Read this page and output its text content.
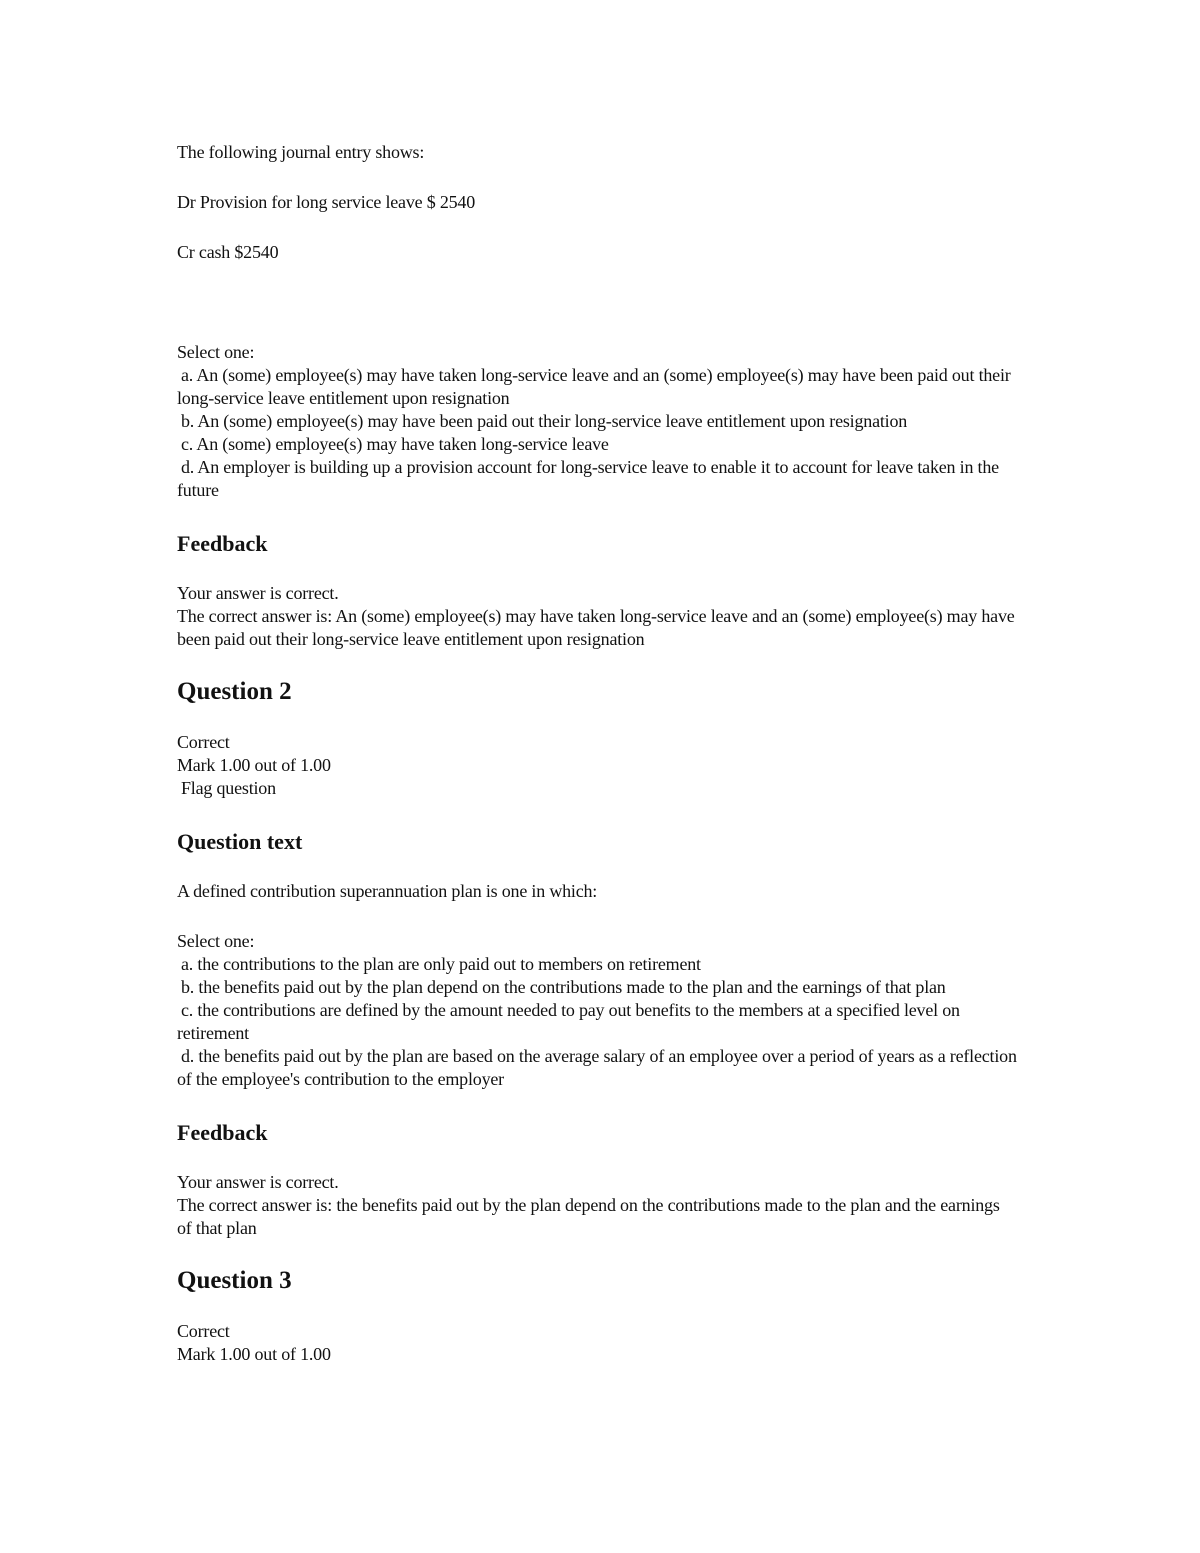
The following journal entry shows:

Dr Provision for long service leave $ 2540

Cr cash $2540

Select one:

a. An (some) employee(s) may have taken long-service leave and an (some) employee(s) may have been paid out their long-service leave entitlement upon resignation

b. An (some) employee(s) may have been paid out their long-service leave entitlement upon resignation

c. An (some) employee(s) may have taken long-service leave

d. An employer is building up a provision account for long-service leave to enable it to account for leave taken in the future

Feedback

Your answer is correct.

The correct answer is: An (some) employee(s) may have taken long-service leave and an (some) employee(s) may have been paid out their long-service leave entitlement upon resignation

Question 2

Correct

Mark 1.00 out of 1.00

Flag question

Question text

A defined contribution superannuation plan is one in which:

Select one:

a. the contributions to the plan are only paid out to members on retirement

b. the benefits paid out by the plan depend on the contributions made to the plan and the earnings of that plan

c. the contributions are defined by the amount needed to pay out benefits to the members at a specified level on retirement

d. the benefits paid out by the plan are based on the average salary of an employee over a period of years as a reflection of the employee's contribution to the employer

Feedback

Your answer is correct.

The correct answer is: the benefits paid out by the plan depend on the contributions made to the plan and the earnings of that plan

Question 3

Correct

Mark 1.00 out of 1.00
